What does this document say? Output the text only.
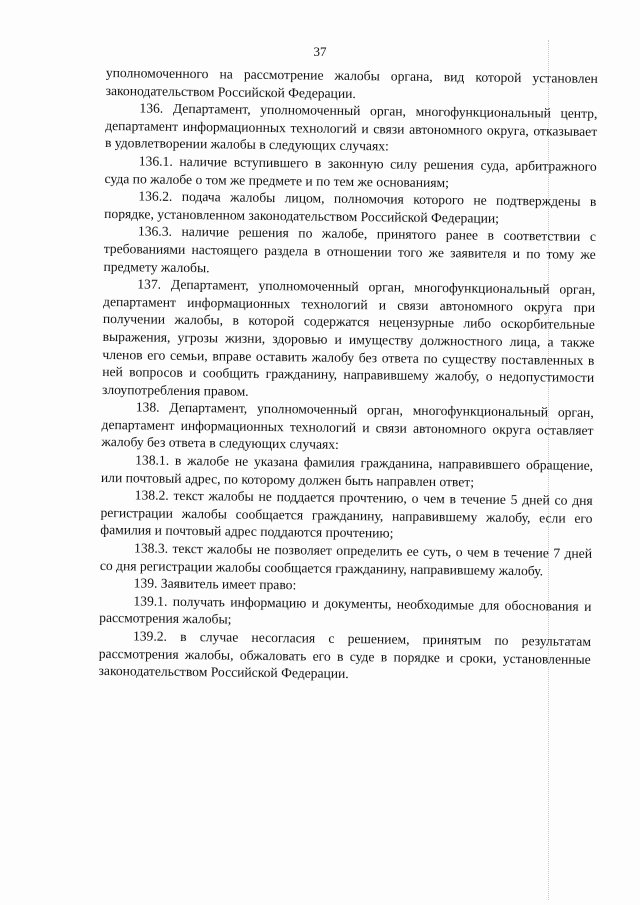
37

уполномоченного на рассмотрение жалобы органа, вид которой установлен законодательством Российской Федерации.

136. Департамент, уполномоченный орган, многофункциональный центр, департамент информационных технологий и связи автономного округа, отказывает в удовлетворении жалобы в следующих случаях:

136.1. наличие вступившего в законную силу решения суда, арбитражного суда по жалобе о том же предмете и по тем же основаниям;

136.2. подача жалобы лицом, полномочия которого не подтверждены в порядке, установленном законодательством Российской Федерации;

136.3. наличие решения по жалобе, принятого ранее в соответствии с требованиями настоящего раздела в отношении того же заявителя и по тому же предмету жалобы.

137. Департамент, уполномоченный орган, многофункциональный орган, департамент информационных технологий и связи автономного округа при получении жалобы, в которой содержатся нецензурные либо оскорбительные выражения, угрозы жизни, здоровью и имуществу должностного лица, а также членов его семьи, вправе оставить жалобу без ответа по существу поставленных в ней вопросов и сообщить гражданину, направившему жалобу, о недопустимости злоупотребления правом.

138. Департамент, уполномоченный орган, многофункциональный орган, департамент информационных технологий и связи автономного округа оставляет жалобу без ответа в следующих случаях:

138.1. в жалобе не указана фамилия гражданина, направившего обращение, или почтовый адрес, по которому должен быть направлен ответ;

138.2. текст жалобы не поддается прочтению, о чем в течение 5 дней со дня регистрации жалобы сообщается гражданину, направившему жалобу, если его фамилия и почтовый адрес поддаются прочтению;

138.3. текст жалобы не позволяет определить ее суть, о чем в течение 7 дней со дня регистрации жалобы сообщается гражданину, направившему жалобу.

139. Заявитель имеет право:

139.1. получать информацию и документы, необходимые для обоснования и рассмотрения жалобы;

139.2. в случае несогласия с решением, принятым по результатам рассмотрения жалобы, обжаловать его в суде в порядке и сроки, установленные законодательством Российской Федерации.
